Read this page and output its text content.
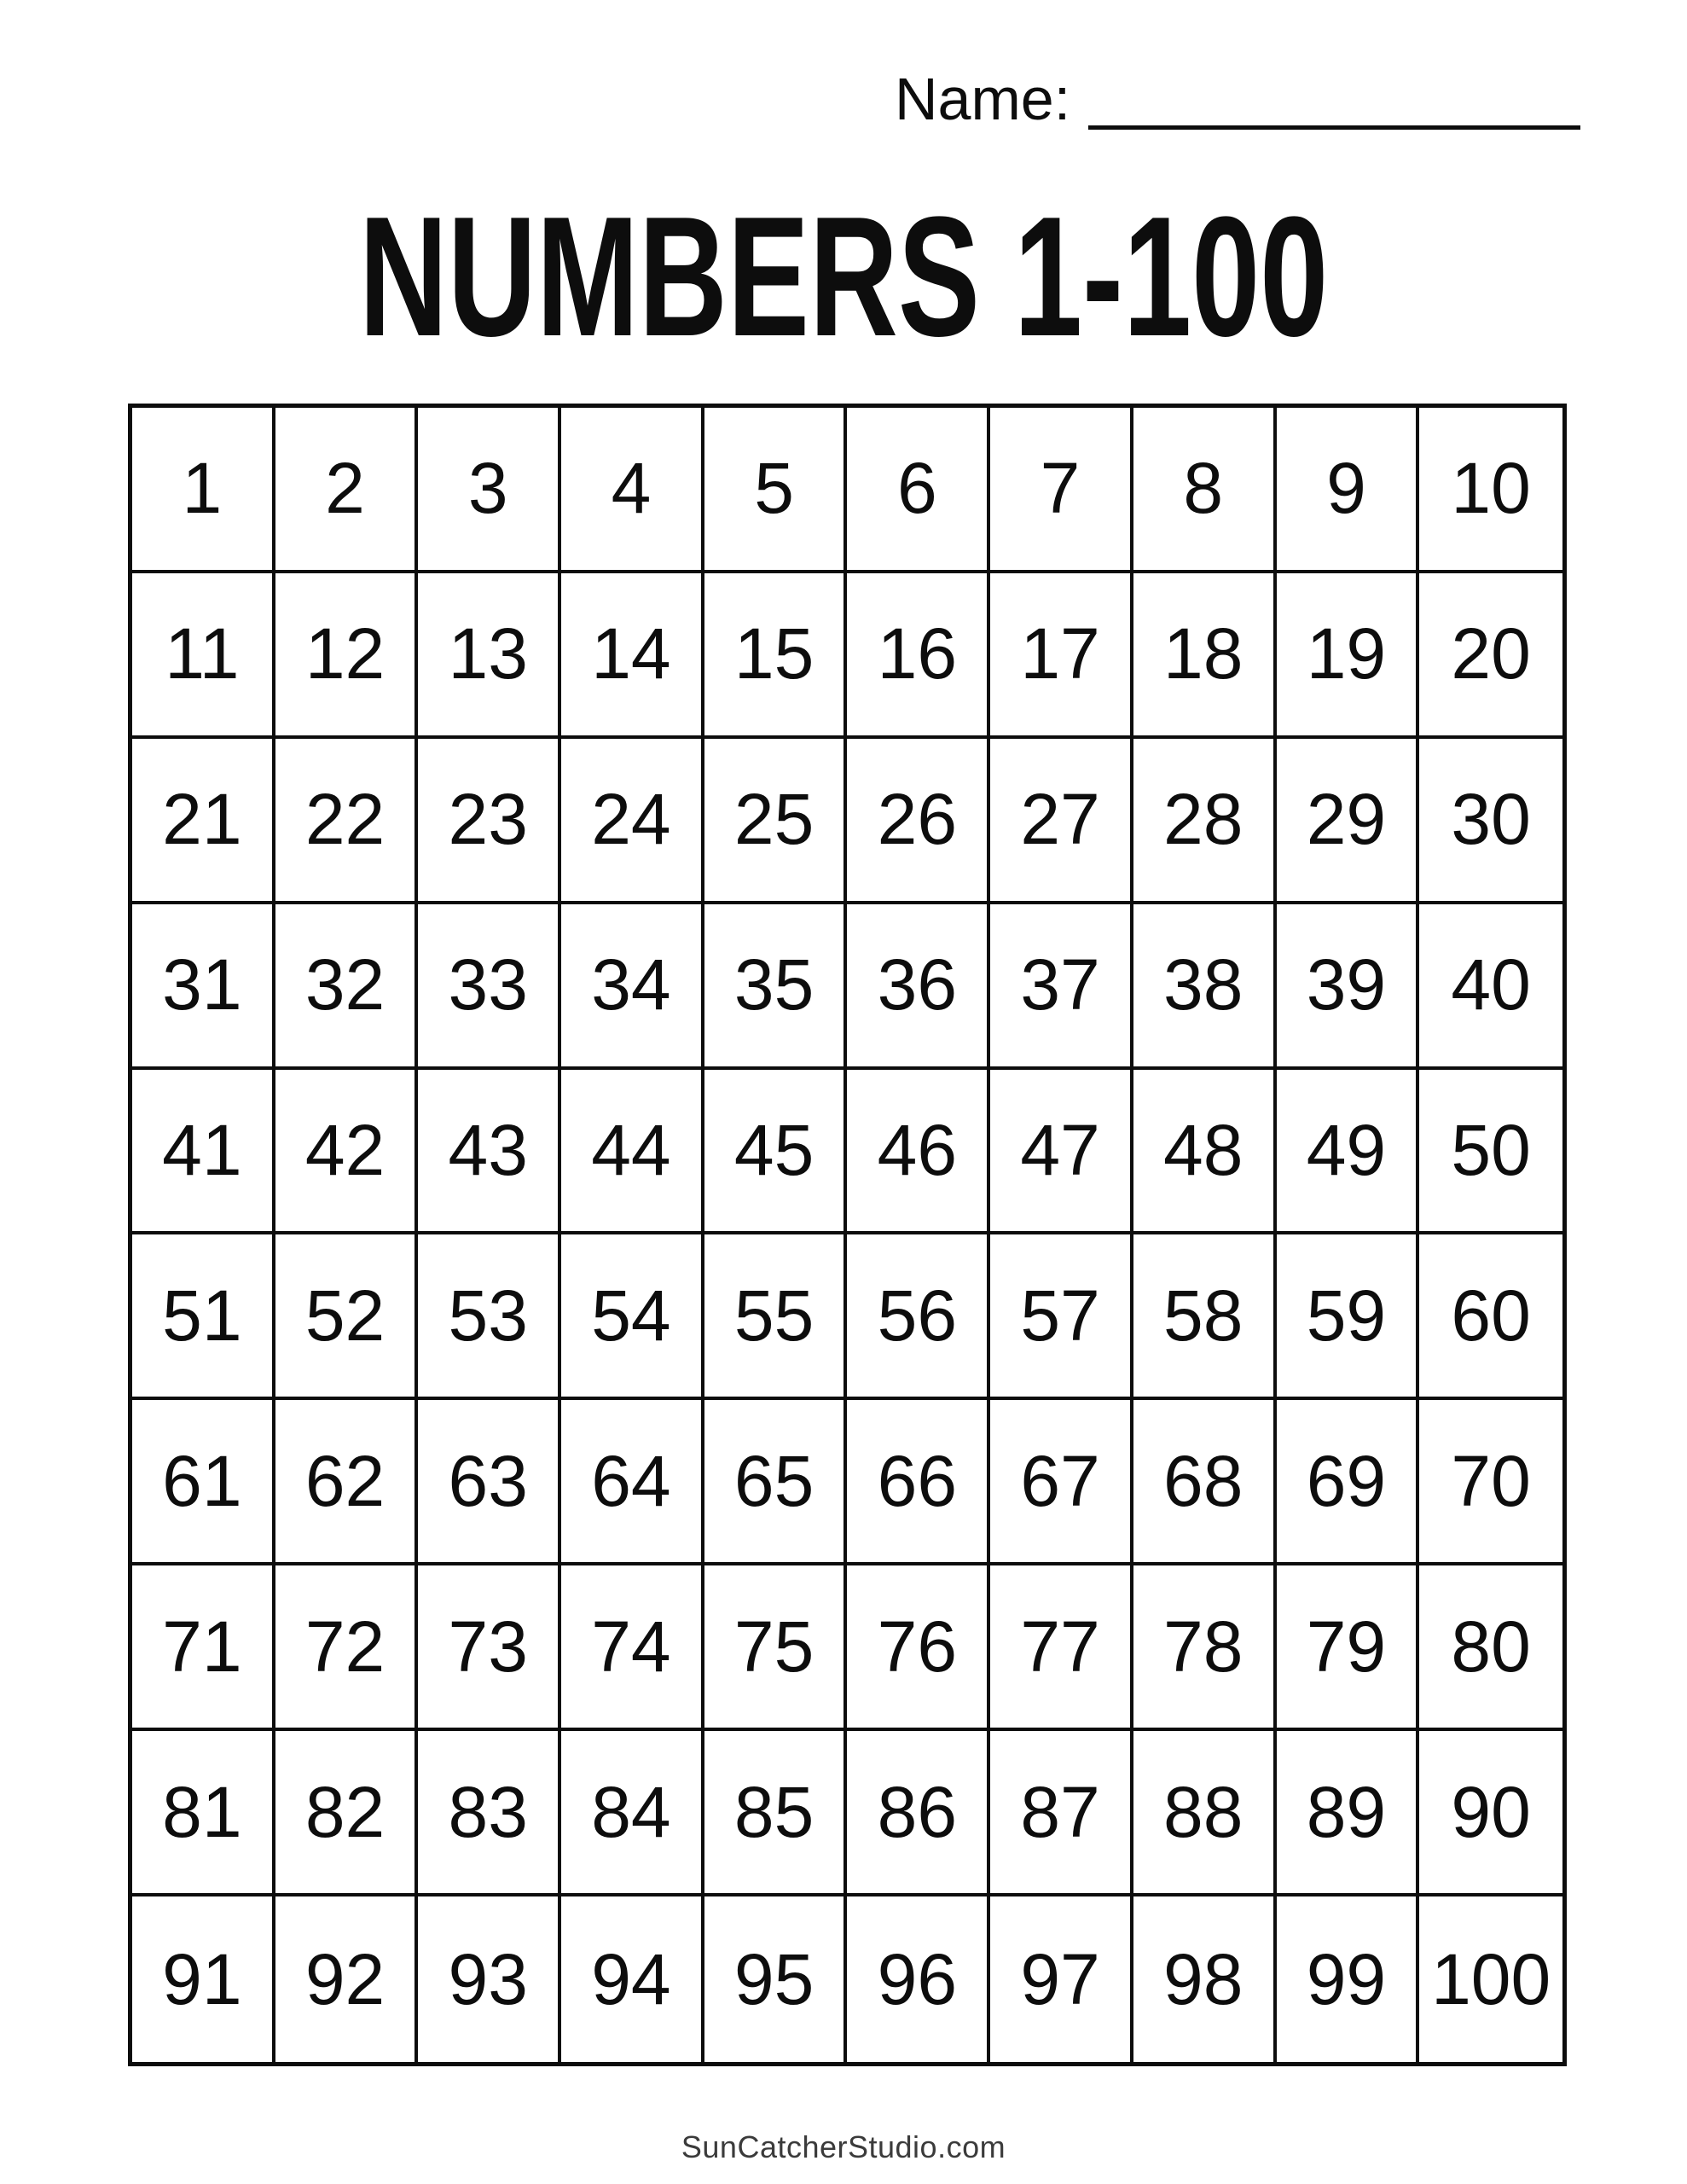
Name:
NUMBERS 1-100
1	2	3	4	5	6	7	8	9	10
11 12 13 14 15 16 17 18 19 20
21 22 23 24 25 26 27 28 29 30
31 32 33 34 35 36 37 38 39 40
41 42 43 44 45 46 47 48 49 50
51 52 53 54 55 56 57 58 59 60
61 62 63 64 65 66 67 68 69 70
71 72 73 74 75 76 77 78 79 80
81 82 83 84 85 86 87 88 89 90
91 92 93 94 95 96 97 98 99 100
SunCatcherStudio.com
